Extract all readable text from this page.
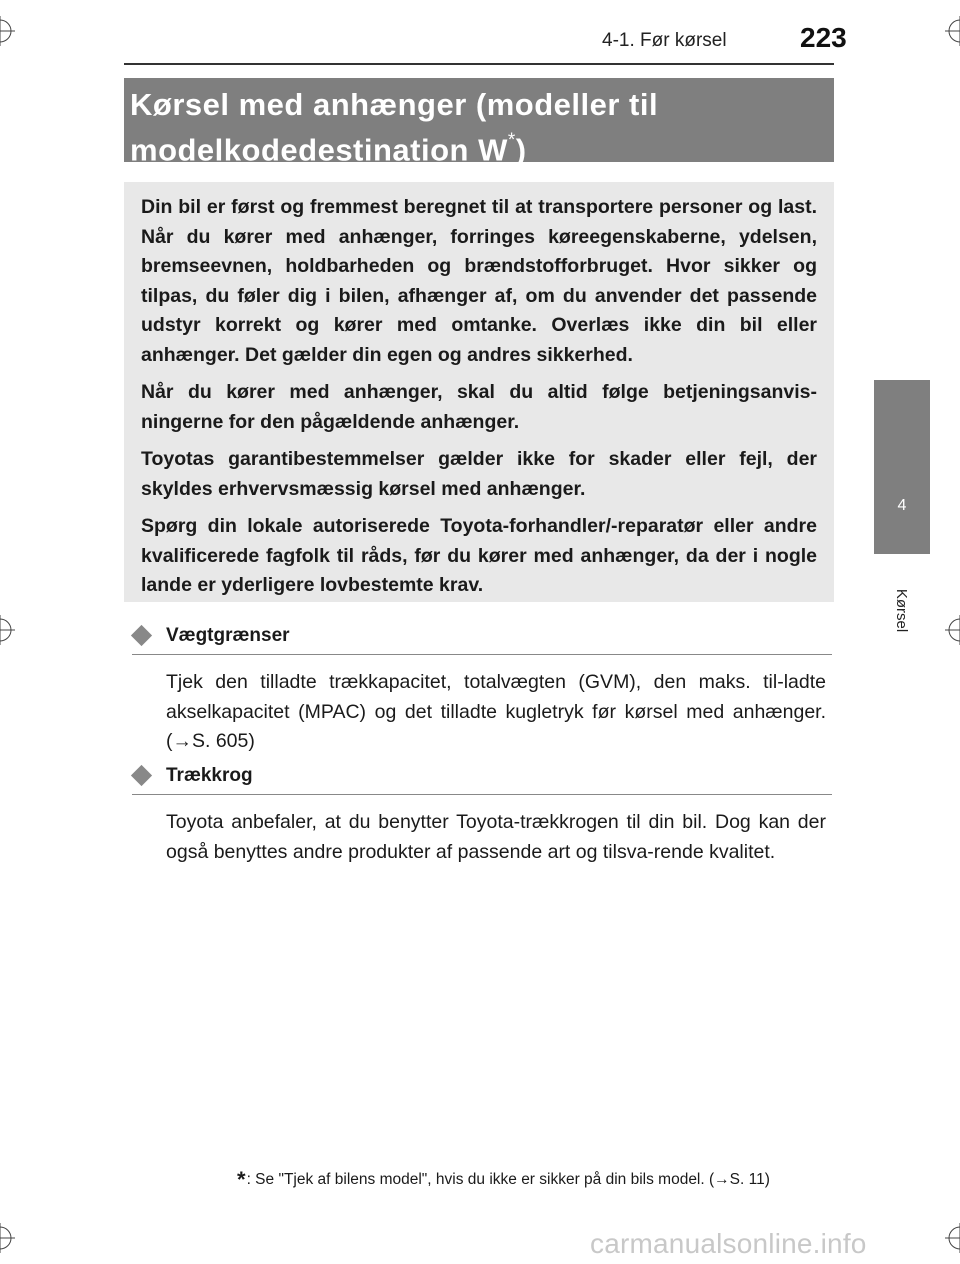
4-1. Før kørsel	223
4
Kørsel
Kørsel med anhænger (modeller til
modelkodedestination W*)

Din bil er først og fremmest beregnet til at transportere personer og last. Når du kører med anhænger, forringes køreegenskaberne, ydelsen, bremseevnen, holdbarheden og brændstofforbruget. Hvor sikker og tilpas, du føler dig i bilen, afhænger af, om du anvender det passende udstyr korrekt og kører med omtanke. Overlæs ikke din bil eller anhænger. Det gælder din egen og andres sikkerhed.

Når du kører med anhænger, skal du altid følge betjeningsanvis-ningerne for den pågældende anhænger.

Toyotas garantibestemmelser gælder ikke for skader eller fejl, der skyldes erhvervsmæssig kørsel med anhænger.

Spørg din lokale autoriserede Toyota-forhandler/-reparatør eller andre kvalificerede fagfolk til råds, før du kører med anhænger, da der i nogle lande er yderligere lovbestemte krav.

Vægtgrænser

Tjek den tilladte trækkapacitet, totalvægten (GVM), den maks. til-ladte akselkapacitet (MPAC) og det tilladte kugletryk før kørsel med anhænger. (→S. 605)

Trækkrog

Toyota anbefaler, at du benytter Toyota-trækkrogen til din bil. Dog kan der også benyttes andre produkter af passende art og tilsva-rende kvalitet.

*: Se "Tjek af bilens model", hvis du ikke er sikker på din bils model. (→S. 11)
carmanualsonline.info
